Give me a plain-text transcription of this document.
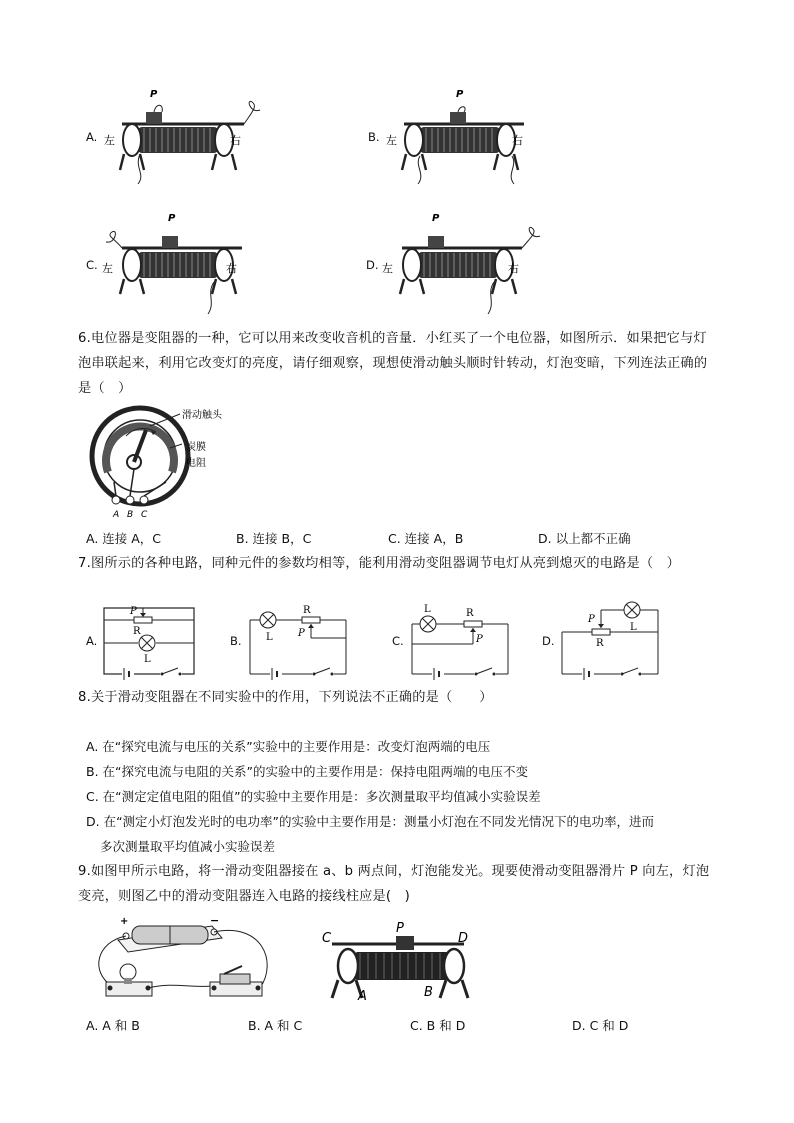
A.
P
左	右	B.
P
左	右
C.
P
左	右	D.
P
左	右
6.电位器是变阻器的一种，它可以用来改变收音机的音量．小红买了一个电位器，如图所示．如果把它与灯泡串联起来，利用它改变灯的亮度，请仔细观察，现想使滑动触头顺时针转动，灯泡变暗，下列连法正确的是（　）
滑动触头
炭膜
电阻
A B C
A. 连接 A，C	B. 连接 B，C	C. 连接 A，B	D. 以上都不正确
7.图所示的各种电路，同种元件的参数均相等，能利用滑动变阻器调节电灯从亮到熄灭的电路是（　）
A.
P
R
L
B.
R
P
L	C.
L	R
P	D.	R
P
L
8.关于滑动变阻器在不同实验中的作用，下列说法不正确的是（　　）
A. 在“探究电流与电压的关系”实验中的主要作用是：改变灯泡两端的电压
B. 在“探究电流与电阻的关系”的实验中的主要作用是：保持电阻两端的电压不变
C. 在“测定定值电阻的阻值”的实验中主要作用是：多次测量取平均值减小实验误差
D. 在“测定小灯泡发光时的电功率”的实验中主要作用是：测量小灯泡在不同发光情况下的电功率，进而
多次测量取平均值减小实验误差
9.如图甲所示电路，将一滑动变阻器接在 a、b 两点间，灯泡能发光。现要使滑动变阻器滑片 P 向左，灯泡变亮，则图乙中的滑动变阻器连入电路的接线柱应是(　)
+	−
C
P
D
A	B
A. A 和 B	B. A 和 C	C. B 和 D	D. C 和 D
